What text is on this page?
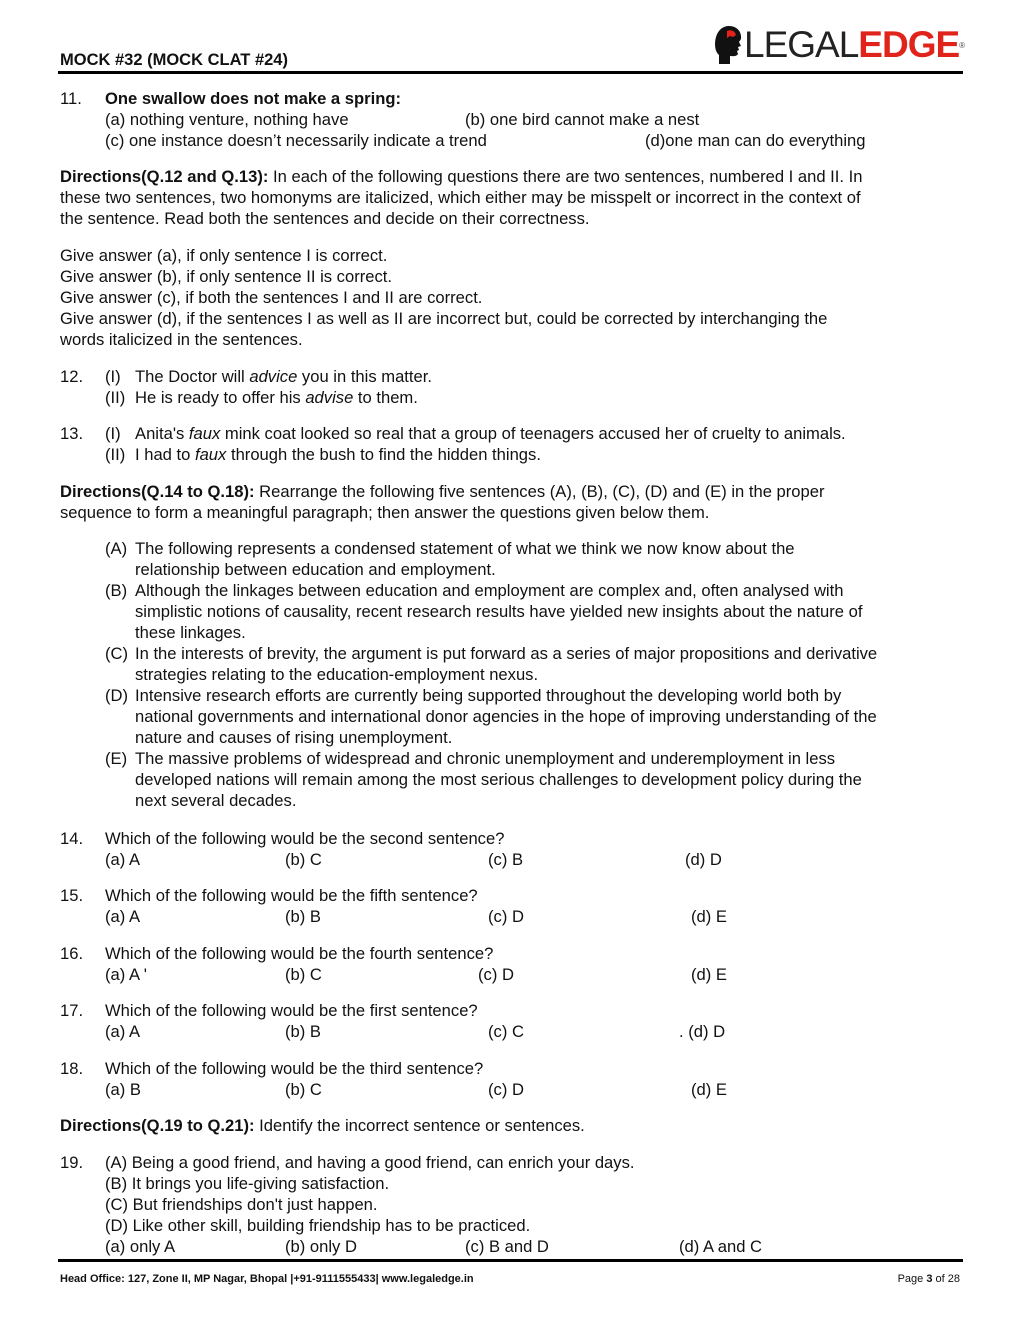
MOCK #32 (MOCK CLAT #24)	LEGAL EDGE ®
11. One swallow does not make a spring:
(a) nothing venture, nothing have	(b) one bird cannot make a nest
(c) one instance doesn’t necessarily indicate a trend	(d)one man can do everything
Directions(Q.12 and Q.13): In each of the following questions there are two sentences, numbered I and II. In
these two sentences, two homonyms are italicized, which either may be misspelt or incorrect in the context of
the sentence. Read both the sentences and decide on their correctness.
Give answer (a), if only sentence I is correct.
Give answer (b), if only sentence II is correct.
Give answer (c), if both the sentences I and II are correct.
Give answer (d), if the sentences I as well as II are incorrect but, could be corrected by interchanging the
words italicized in the sentences.
12. (I) The Doctor will advice you in this matter.
(II) He is ready to offer his advise to them.
13. (I) Anita's faux mink coat looked so real that a group of teenagers accused her of cruelty to animals.
(II) I had to faux through the bush to find the hidden things.
Directions(Q.14 to Q.18): Rearrange the following five sentences (A), (B), (C), (D) and (E) in the proper
sequence to form a meaningful paragraph; then answer the questions given below them.
(A) The following represents a condensed statement of what we think we now know about the
relationship between education and employment.
(B) Although the linkages between education and employment are complex and, often analysed with
simplistic notions of causality, recent research results have yielded new insights about the nature of
these linkages.
(C) In the interests of brevity, the argument is put forward as a series of major propositions and derivative
strategies relating to the education-employment nexus.
(D) Intensive research efforts are currently being supported throughout the developing world both by
national governments and international donor agencies in the hope of improving understanding of the
nature and causes of rising unemployment.
(E) The massive problems of widespread and chronic unemployment and underemployment in less
developed nations will remain among the most serious challenges to development policy during the
next several decades.
14. Which of the following would be the second sentence?
(a) A	(b) C	(c) B	(d) D
15. Which of the following would be the fifth sentence?
(a) A	(b) B	(c) D	(d) E
16. Which of the following would be the fourth sentence?
(a) A '	(b) C	(c) D	(d) E
17. Which of the following would be the first sentence?
(a) A	(b) B	(c) C	. (d) D
18. Which of the following would be the third sentence?
(a) B	(b) C	(c) D	(d) E
Directions(Q.19 to Q.21): Identify the incorrect sentence or sentences.
19. (A) Being a good friend, and having a good friend, can enrich your days.
(B) It brings you life-giving satisfaction.
(C) But friendships don't just happen.
(D) Like other skill, building friendship has to be practiced.
(a) only A	(b) only D	(c) B and D	(d) A and C
Head Office: 127, Zone II, MP Nagar, Bhopal |+91-9111555433| www.legaledge.in	Page 3 of 28
